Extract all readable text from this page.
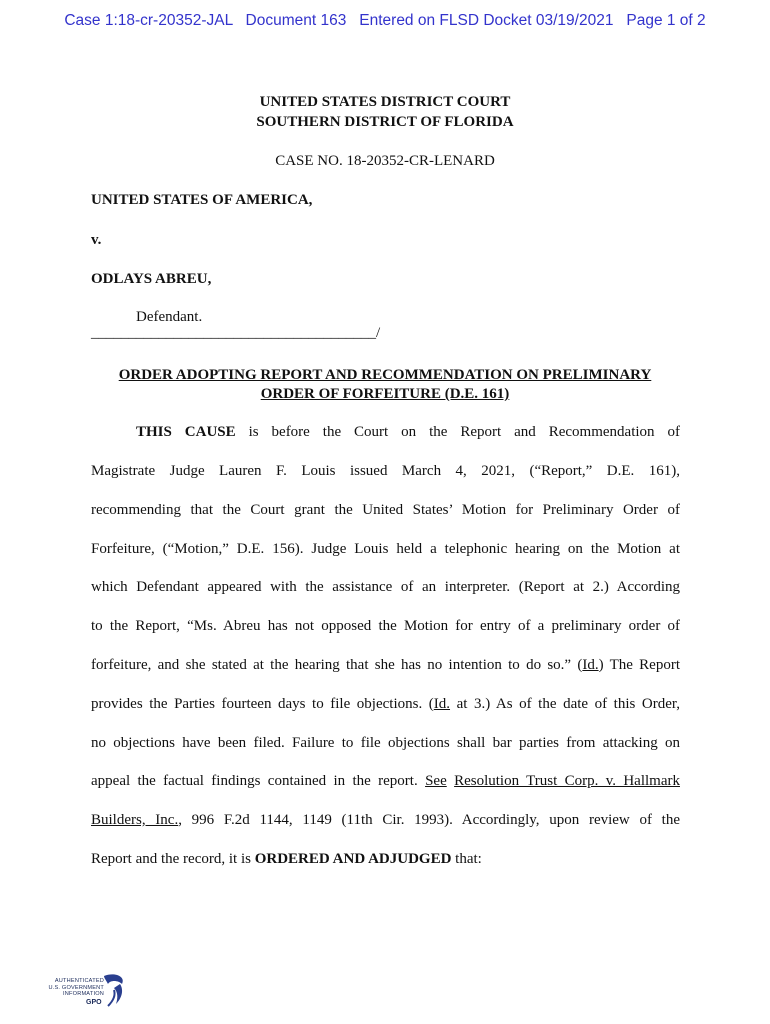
Case 1:18-cr-20352-JAL   Document 163   Entered on FLSD Docket 03/19/2021   Page 1 of 2
UNITED STATES DISTRICT COURT
SOUTHERN DISTRICT OF FLORIDA
CASE NO. 18-20352-CR-LENARD
UNITED STATES OF AMERICA,
v.
ODLAYS ABREU,
Defendant.
______________________________________/
ORDER ADOPTING REPORT AND RECOMMENDATION ON PRELIMINARY
ORDER OF FORFEITURE (D.E. 161)
THIS CAUSE is before the Court on the Report and Recommendation of
Magistrate Judge Lauren F. Louis issued March 4, 2021, (“Report,” D.E. 161),
recommending that the Court grant the United States’ Motion for Preliminary Order of
Forfeiture, (“Motion,” D.E. 156). Judge Louis held a telephonic hearing on the Motion at
which Defendant appeared with the assistance of an interpreter. (Report at 2.) According
to the Report, “Ms. Abreu has not opposed the Motion for entry of a preliminary order of
forfeiture, and she stated at the hearing that she has no intention to do so.” (Id.) The Report
provides the Parties fourteen days to file objections. (Id. at 3.) As of the date of this Order,
no objections have been filed. Failure to file objections shall bar parties from attacking on
appeal the factual findings contained in the report. See Resolution Trust Corp. v. Hallmark
Builders, Inc., 996 F.2d 1144, 1149 (11th Cir. 1993). Accordingly, upon review of the
Report and the record, it is ORDERED AND ADJUDGED that:
AUTHENTICATED
U.S. GOVERNMENT
INFORMATION
GPO
